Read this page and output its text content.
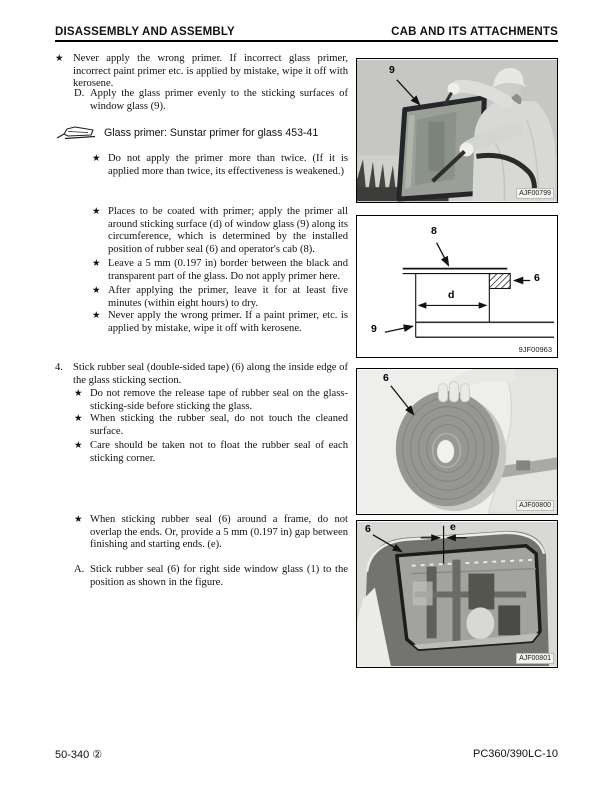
DISASSEMBLY AND ASSEMBLY	CAB AND ITS ATTACHMENTS
★ Never apply the wrong primer. If incorrect glass primer, incorrect paint primer etc. is applied by mistake, wipe it off with kerosene.
D. Apply the glass primer evenly to the sticking surfaces of window glass (9).
Glass primer: Sunstar primer for glass 453-41
★ Do not apply the primer more than twice. (If it is applied more than twice, its effectiveness is weakened.)
★ Places to be coated with primer; apply the primer all around sticking surface (d) of window glass (9) along its circumference, which is determined by the installed position of rubber seal (6) and operator's cab (8).
★ Leave a 5 mm (0.197 in) border between the black and transparent part of the glass. Do not apply primer here.
★ After applying the primer, leave it for at least five minutes (within eight hours) to dry.
★ Never apply the wrong primer. If a paint primer, etc. is applied by mistake, wipe it off with kerosene.
4. Stick rubber seal (double-sided tape) (6) along the inside edge of the glass sticking section.
★ Do not remove the release tape of rubber seal on the glass-sticking-side before sticking the glass.
★ When sticking the rubber seal, do not touch the cleaned surface.
★ Care should be taken not to float the rubber seal of each sticking corner.
★ When sticking rubber seal (6) around a frame, do not overlap the ends. Or, provide a 5 mm (0.197 in) gap between finishing and starting ends. (e).
A. Stick rubber seal (6) for right side window glass (1) to the position as shown in the figure.
9
AJF00799
8
6
d
9
9JF00963
6
AJF00800
6	e
AJF00801
50-340 ②	PC360/390LC-10
